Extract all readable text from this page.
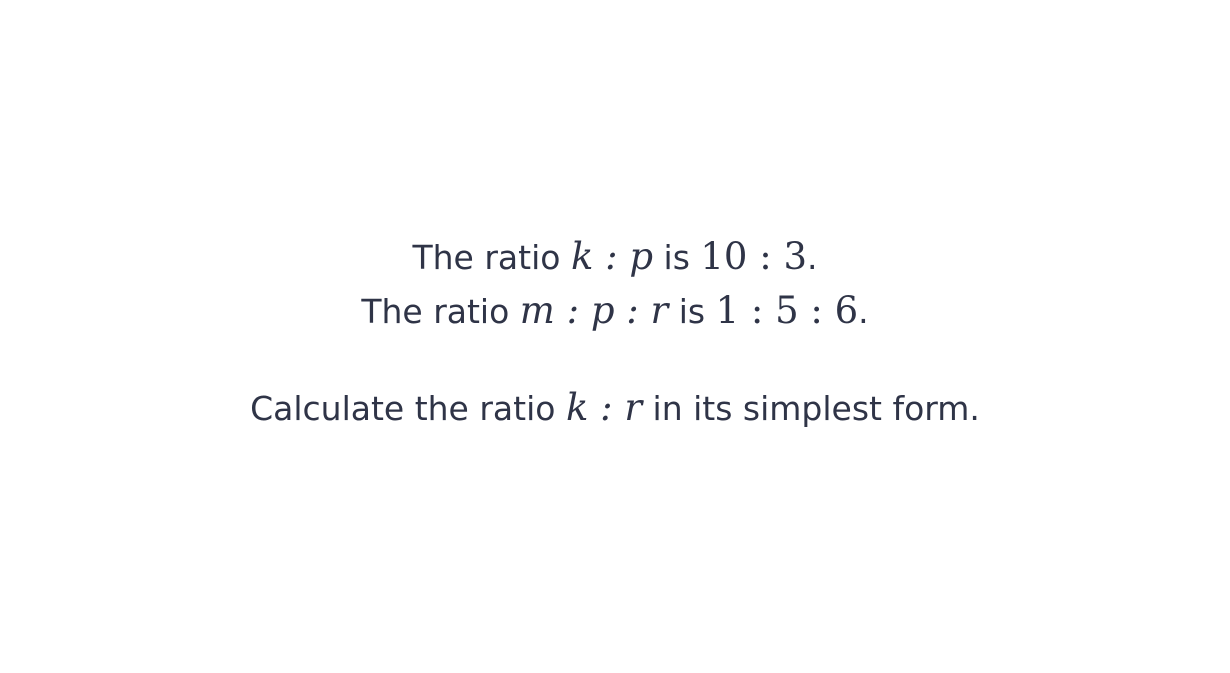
The ratio k : p is 10 : 3.
The ratio m : p : r is 1 : 5 : 6.
Calculate the ratio k : r in its simplest form.
